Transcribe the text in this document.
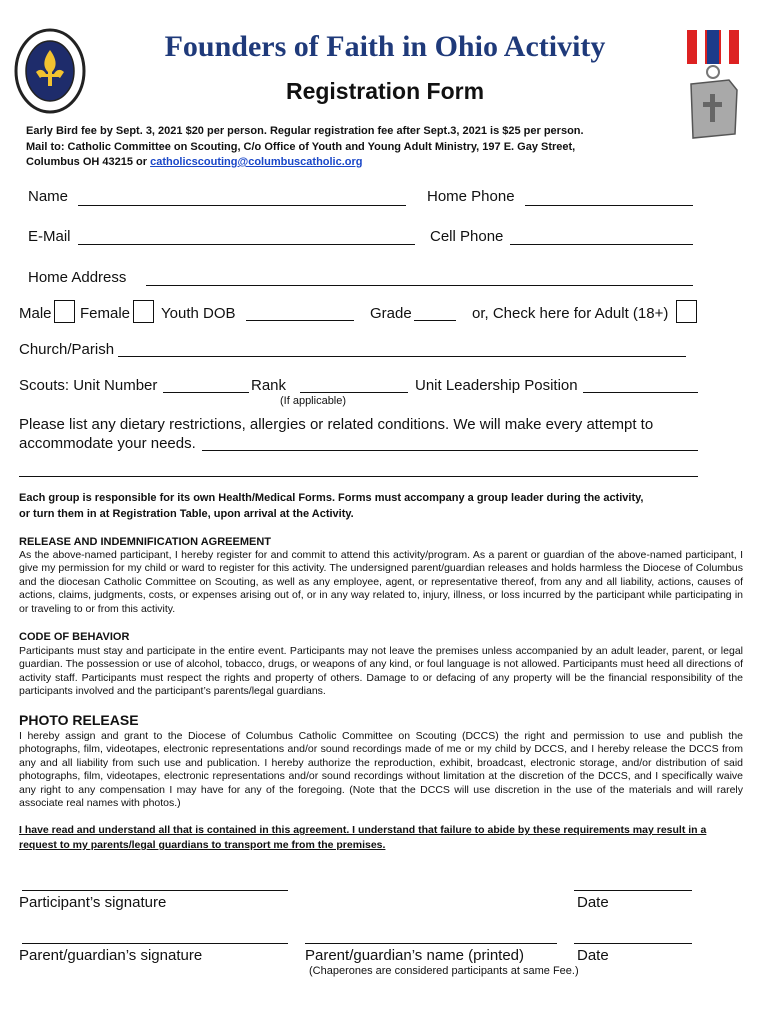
Founders of Faith in Ohio Activity
Registration Form
Early Bird fee by Sept. 3, 2021 $20 per person. Regular registration fee after Sept.3, 2021 is $25 per person.
Mail to: Catholic Committee on Scouting, C/o Office of Youth and Young Adult Ministry, 197 E. Gay Street,
Columbus OH 43215 or catholicscouting@columbuscatholic.org
Name	Home Phone
E-Mail	Cell Phone
Home Address
Male Female Youth DOB	Grade	or, Check here for Adult (18+)
Church/Parish
Scouts: Unit Number	Rank	Unit Leadership Position
(If applicable)
Please list any dietary restrictions, allergies or related conditions. We will make every attempt to
accommodate your needs.
Each group is responsible for its own Health/Medical Forms. Forms must accompany a group leader during the activity,
or turn them in at Registration Table, upon arrival at the Activity.
RELEASE AND INDEMNIFICATION AGREEMENT
As the above-named participant, I hereby register for and commit to attend this activity/program. As a parent or guardian of the above-named participant, I give my permission for my child or ward to register for this activity. The undersigned parent/guardian releases and holds harmless the Diocese of Columbus and the diocesan Catholic Committee on Scouting, as well as any employee, agent, or representative thereof, from any and all liability, actions, causes of actions, claims, judgments, costs, or expenses arising out of, or in any way related to, injury, illness, or loss incurred by the participant while participating in or traveling to or from this activity.
CODE OF BEHAVIOR
Participants must stay and participate in the entire event. Participants may not leave the premises unless accompanied by an adult leader, parent, or legal guardian. The possession or use of alcohol, tobacco, drugs, or weapons of any kind, or foul language is not allowed. Participants must heed all directions of activity staff. Participants must respect the rights and property of others. Damage to or defacing of any property will be the financial responsibility of the participants involved and the participant’s parents/legal guardians.
PHOTO RELEASE
I hereby assign and grant to the Diocese of Columbus Catholic Committee on Scouting (DCCS) the right and permission to use and publish the photographs, film, videotapes, electronic representations and/or sound recordings made of me or my child by DCCS, and I hereby release the DCCS from any and all liability from such use and publication. I hereby authorize the reproduction, exhibit, broadcast, electronic storage, and/or distribution of said photographs, film, videotapes, electronic representations and/or sound recordings without limitation at the discretion of the DCCS, and I specifically waive any right to any compensation I may have for any of the foregoing. (Note that the DCCS will use discretion in the use of the materials and will rarely associate real names with photos.)
I have read and understand all that is contained in this agreement. I understand that failure to abide by these requirements may result in a request to my parents/legal guardians to transport me from the premises.
Participant’s signature	Date
Parent/guardian’s signature	Parent/guardian’s name (printed)	Date
(Chaperones are considered participants at same Fee.)
